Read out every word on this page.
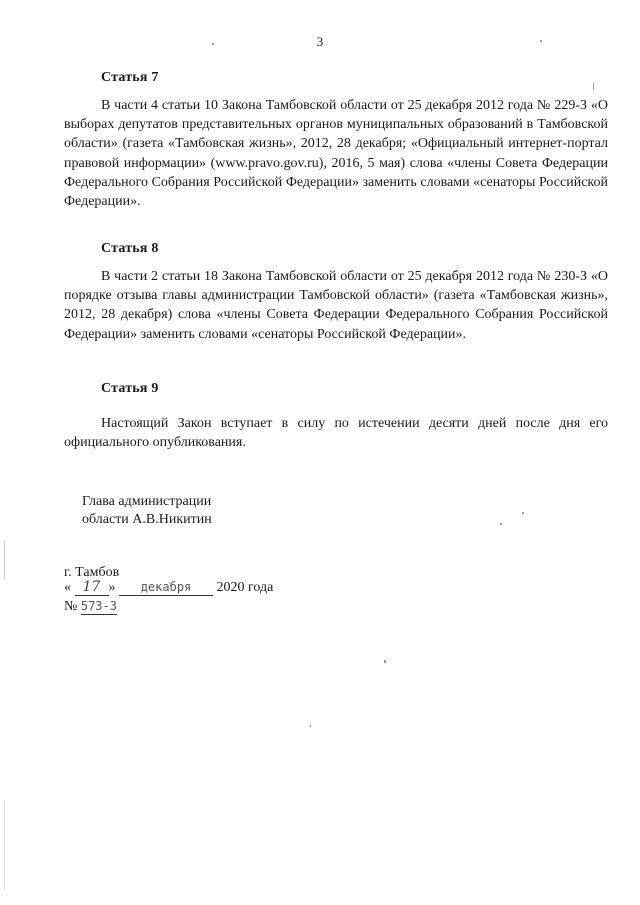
3
Статья 7

В части 4 статьи 10 Закона Тамбовской области от 25 декабря 2012 года № 229-З «О выборах депутатов представительных органов муниципальных образований в Тамбовской области» (газета «Тамбовская жизнь», 2012, 28 декабря; «Официальный интернет-портал правовой информации» (www.pravo.gov.ru), 2016, 5 мая) слова «члены Совета Федерации Федерального Собрания Российской Федерации» заменить словами «сенаторы Российской Федерации».

Статья 8

В части 2 статьи 18 Закона Тамбовской области от 25 декабря 2012 года № 230-З «О порядке отзыва главы администрации Тамбовской области» (газета «Тамбовская жизнь», 2012, 28 декабря) слова «члены Совета Федерации Федерального Собрания Российской Федерации» заменить словами «сенаторы Российской Федерации».

Статья 9

Настоящий Закон вступает в силу по истечении десяти дней после дня его официального опубликования.

Глава администрации
области А.В.Никитин
г. Тамбов
« 17 » декабря 2020 года
№ 573-З
